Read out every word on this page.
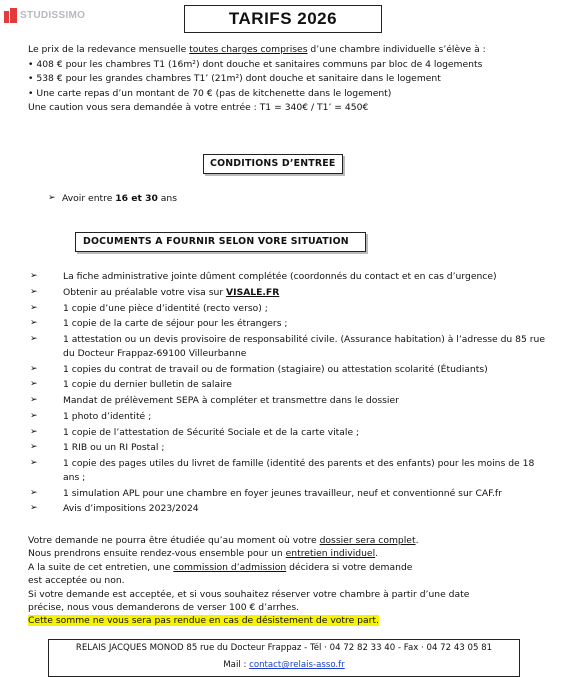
STUDISSIMO	TARIFS 2026
Le prix de la redevance mensuelle toutes charges comprises d’une chambre individuelle s’élève à :
• 408 € pour les chambres T1 (16m²) dont douche et sanitaires communs par bloc de 4 logements
• 538 € pour les grandes chambres T1’ (21m²) dont douche et sanitaire dans le logement
• Une carte repas d’un montant de 70 € (pas de kitchenette dans le logement)
Une caution vous sera demandée à votre entrée : T1 = 340€ / T1’ = 450€
CONDITIONS D’ENTREE
➢ Avoir entre 16 et 30 ans
DOCUMENTS A FOURNIR SELON VORE SITUATION
➢	La fiche administrative jointe dûment complétée (coordonnés du contact et en cas d’urgence)
➢	Obtenir au préalable votre visa sur VISALE.FR
➢	1 copie d’une pièce d’identité (recto verso) ;
➢	1 copie de la carte de séjour pour les étrangers ;
➢	1 attestation ou un devis provisoire de responsabilité civile. (Assurance habitation) à l’adresse du 85 rue du Docteur Frappaz-69100 Villeurbanne
➢	1 copies du contrat de travail ou de formation (stagiaire) ou attestation scolarité (Étudiants)
➢	1 copie du dernier bulletin de salaire
➢	Mandat de prélèvement SEPA à compléter et transmettre dans le dossier
➢	1 photo d’identité ;
➢	1 copie de l’attestation de Sécurité Sociale et de la carte vitale ;
➢	1 RIB ou un RI Postal ;
➢	1 copie des pages utiles du livret de famille (identité des parents et des enfants) pour les moins de 18 ans ;
➢	1 simulation APL pour une chambre en foyer jeunes travailleur, neuf et conventionné sur CAF.fr
➢	Avis d’impositions 2023/2024
Votre demande ne pourra être étudiée qu’au moment où votre dossier sera complet.
Nous prendrons ensuite rendez-vous ensemble pour un entretien individuel.
A la suite de cet entretien, une commission d’admission décidera si votre demande
est acceptée ou non.
Si votre demande est acceptée, et si vous souhaitez réserver votre chambre à partir d’une date
précise, nous vous demanderons de verser 100 € d’arrhes.
Cette somme ne vous sera pas rendue en cas de désistement de votre part.
RELAIS JACQUES MONOD 85 rue du Docteur Frappaz - Tél · 04 72 82 33 40 - Fax · 04 72 43 05 81
Mail : contact@relais-asso.fr
